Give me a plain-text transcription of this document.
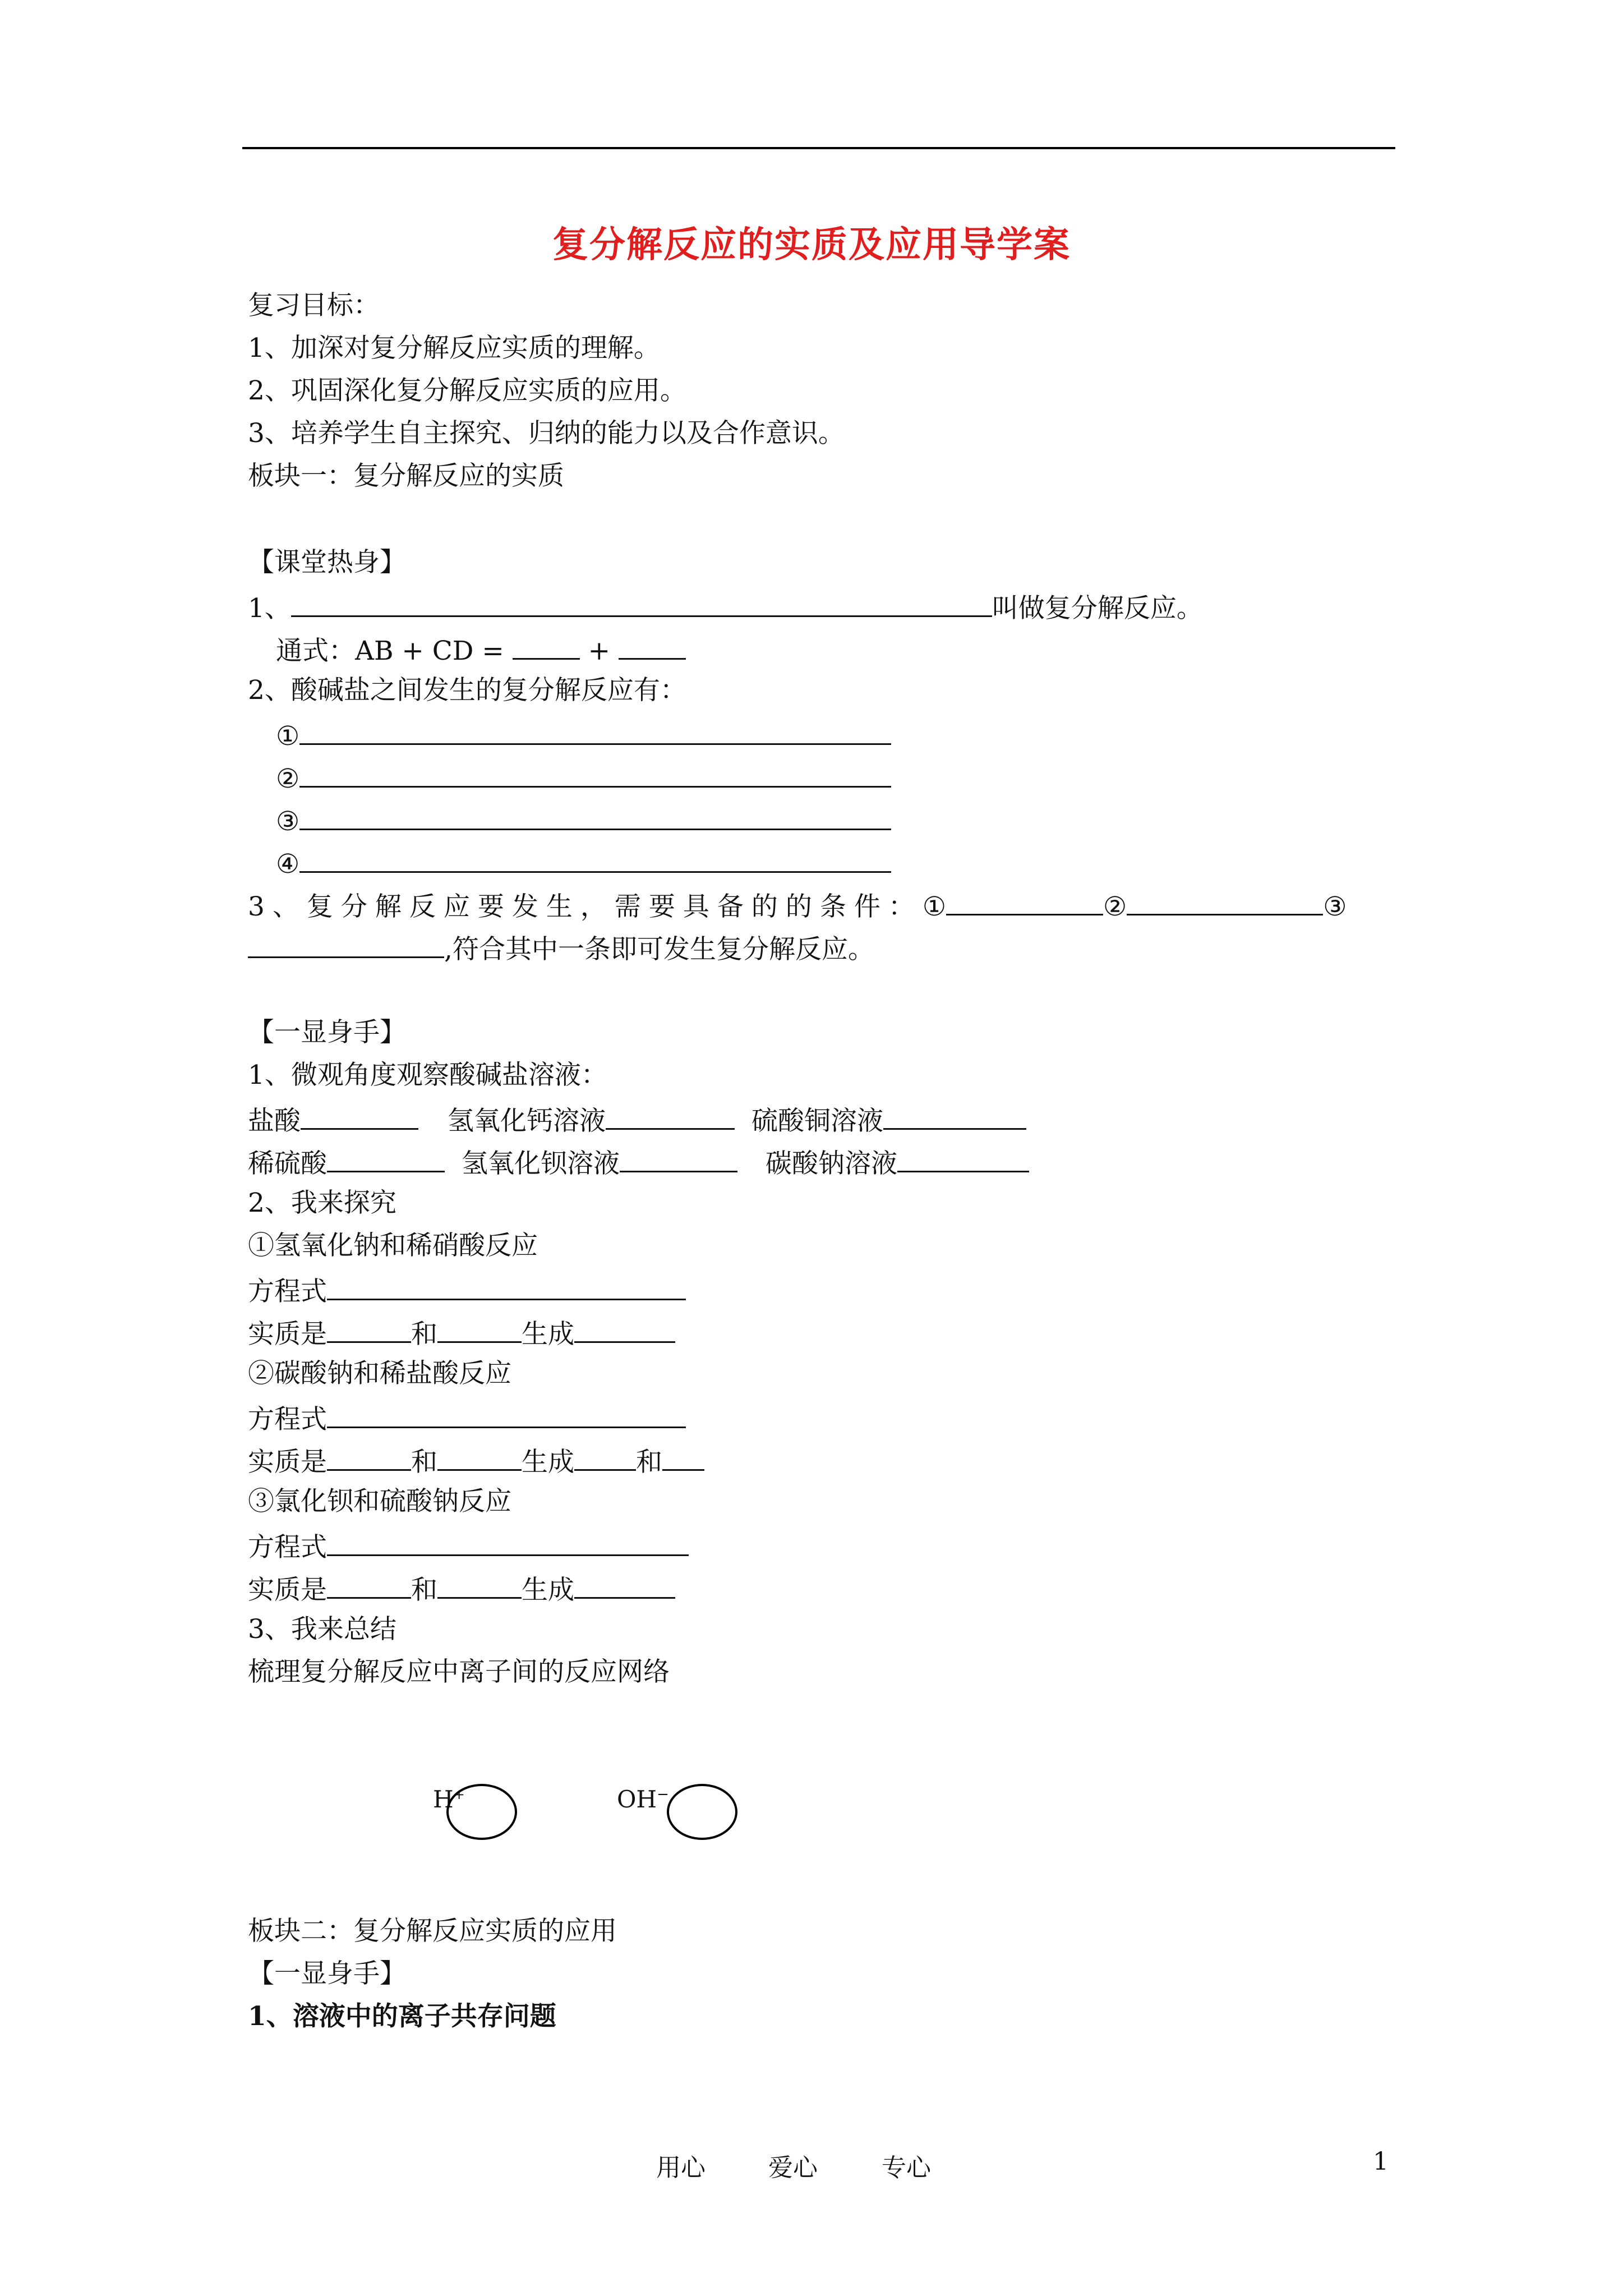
复分解反应的实质及应用导学案
复习目标：
1、加深对复分解反应实质的理解。
2、巩固深化复分解反应实质的应用。
3、培养学生自主探究、归纳的能力以及合作意识。
板块一：复分解反应的实质
【课堂热身】
1、	叫做复分解反应。
通式：AB + CD =	+
2、酸碱盐之间发生的复分解反应有：
①
②
③
④
3、复分解反应要发生，需要具备的的条件：①	②	③
,符合其中一条即可发生复分解反应。
【一显身手】
1、微观角度观察酸碱盐溶液：
盐酸	氢氧化钙溶液	硫酸铜溶液
稀硫酸	氢氧化钡溶液	碳酸钠溶液
2、我来探究
①氢氧化钠和稀硝酸反应
方程式
实质是	和	生成
②碳酸钠和稀盐酸反应
方程式
实质是	和	生成 和
③氯化钡和硫酸钠反应
方程式
实质是	和	生成
3、我来总结
梳理复分解反应中离子间的反应网络
H+	OH−
板块二：复分解反应实质的应用
【一显身手】
1、溶液中的离子共存问题
用心	爱心	专心	1
